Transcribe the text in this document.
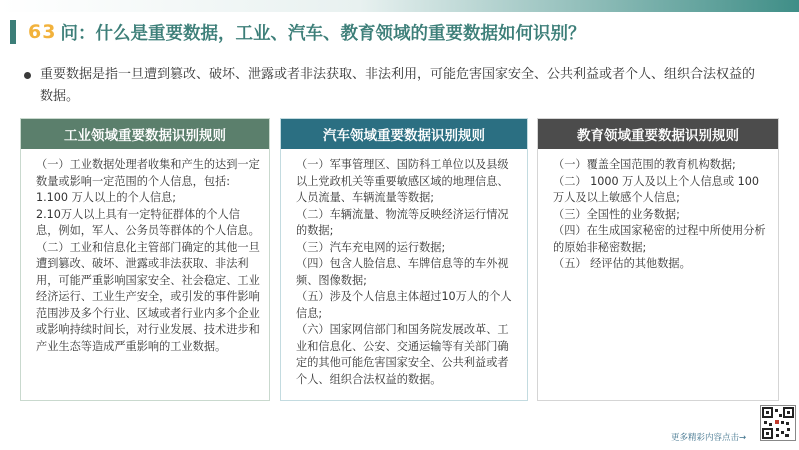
63 问：什么是重要数据，工业、汽车、教育领域的重要数据如何识别？
重要数据是指一旦遭到篡改、破坏、泄露或者非法获取、非法利用，可能危害国家安全、公共利益或者个人、组织合法权益的数据。
工业领域重要数据识别规则

（一）工业数据处理者收集和产生的达到一定数量或影响一定范围的个人信息，包括:

1.100 万人以上的个人信息;

2.10万人以上具有一定特征群体的个人信息，例如，军人、公务员等群体的个人信息。

（二）工业和信息化主管部门确定的其他一旦遭到篡改、破坏、泄露或非法获取、非法利用，可能严重影响国家安全、社会稳定、工业经济运行、工业生产安全，或引发的事件影响范围涉及多个行业、区域或者行业内多个企业或影响持续时间长，对行业发展、技术进步和产业生态等造成严重影响的工业数据。

汽车领域重要数据识别规则

（一）军事管理区、国防科工单位以及县级以上党政机关等重要敏感区域的地理信息、人员流量、车辆流量等数据;

（二）车辆流量、物流等反映经济运行情况的数据;

（三）汽车充电网的运行数据;

（四）包含人脸信息、车牌信息等的车外视频、图像数据;

（五）涉及个人信息主体超过10万人的个人信息;

（六）国家网信部门和国务院发展改革、工业和信息化、公安、交通运输等有关部门确定的其他可能危害国家安全、公共利益或者个人、组织合法权益的数据。

教育领域重要数据识别规则

（一）覆盖全国范围的教育机构数据;

（二） 1000 万人及以上个人信息或 100 万人及以上敏感个人信息;

（三）全国性的业务数据;

（四）在生成国家秘密的过程中所使用分析的原始非秘密数据;

（五） 经评估的其他数据。

更多精彩内容点击→
